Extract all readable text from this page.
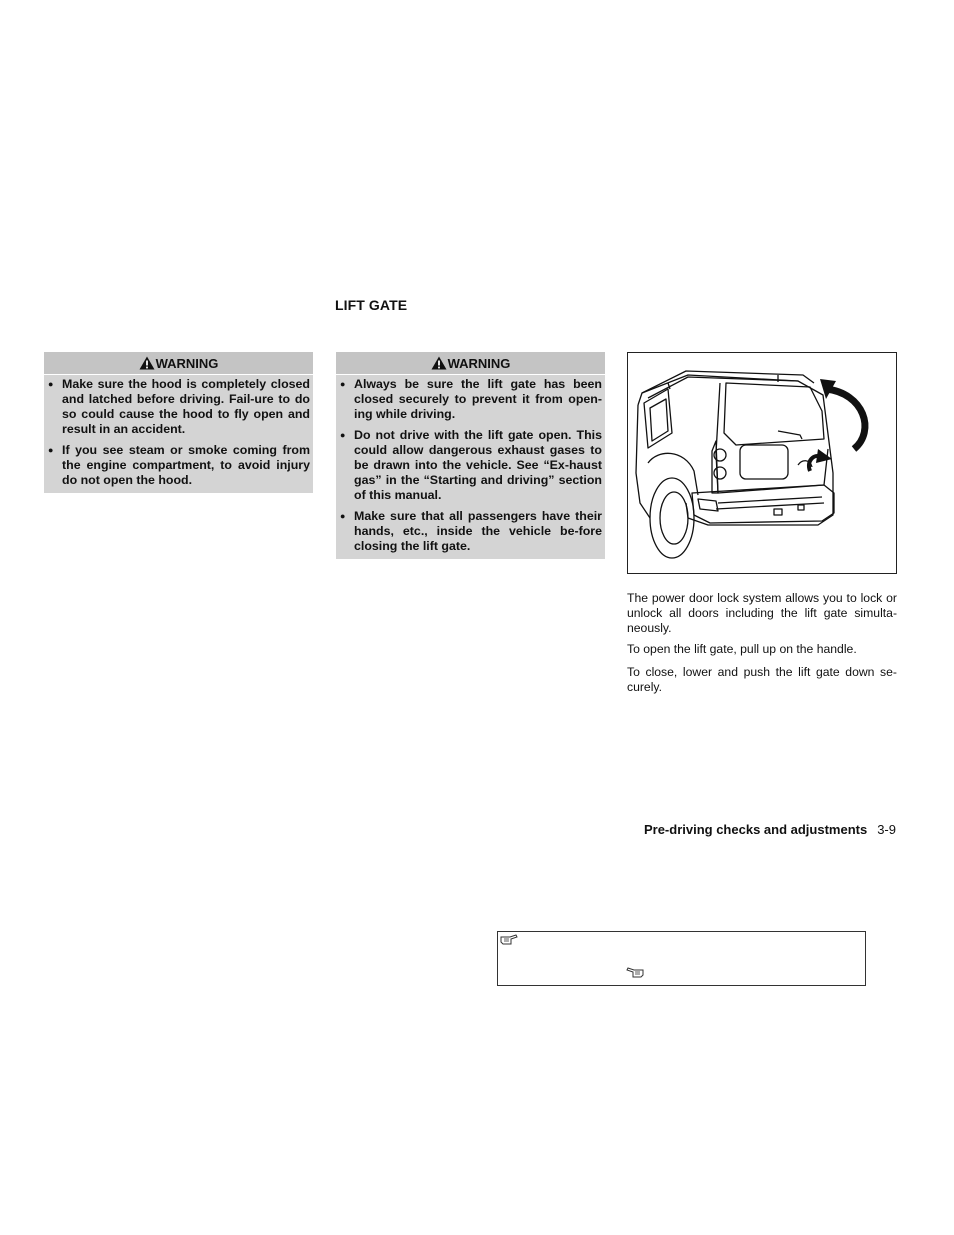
LIFT GATE
WARNING
● Make sure the hood is completely closed and latched before driving. Fail-ure to do so could cause the hood to fly open and result in an accident.
● If you see steam or smoke coming from the engine compartment, to avoid injury do not open the hood.
WARNING
● Always be sure the lift gate has been closed securely to prevent it from open-ing while driving.
● Do not drive with the lift gate open. This could allow dangerous exhaust gases to be drawn into the vehicle. See “Ex-haust gas” in the “Starting and driving” section of this manual.
● Make sure that all passengers have their hands, etc., inside the vehicle be-fore closing the lift gate.

The power door lock system allows you to lock or unlock all doors including the lift gate simulta-neously.

To open the lift gate, pull up on the handle.

To close, lower and push the lift gate down se-curely.

Pre-driving checks and adjustments 3-9
